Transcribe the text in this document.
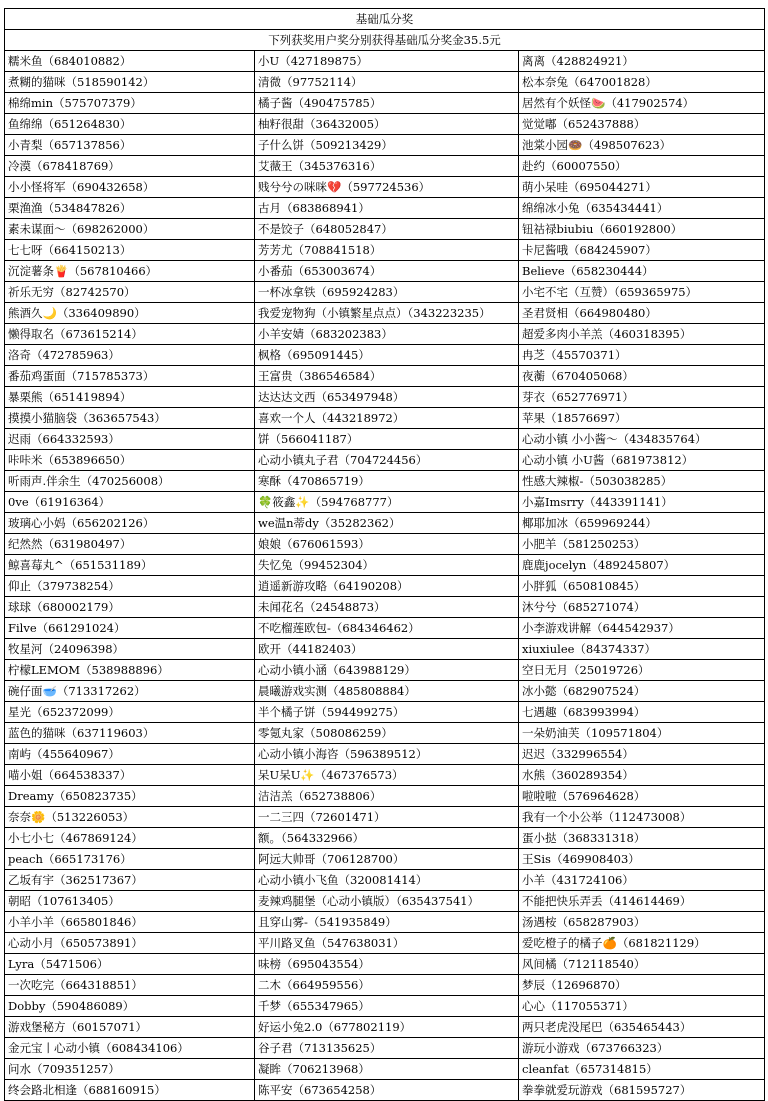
基础瓜分奖		
下列获奖用户奖分别获得基础瓜分奖金35.5元		
糯米鱼（684010882）	小U（427189875）	离离（428824921）
煮糊的猫咪（518590142）	清微（97752114）	松本奈兔（647001828）
棉绵min（575707379）	橘子酱（490475785）	居然有个妖怪🍉（417902574）
鱼绵绵（651264830）	柚籽很甜（36432005）	觉觉嘟（652437888）
小青梨（657137856）	子什么饼（509213429）	池棠小园🍩（498507623）
冷漠（678418769）	艾薇王（345376316）	赴约（60007550）
小小怪将军（690432658）	贱兮兮の咪咪💔（597724536）	萌小呆哇（695044271）
栗渔渔（534847826）	古月（683868941）	绵绵冰小兔（635434441）
素未谋面～（698262000）	不是饺子（648052847）	钮祜禄biubiu（660192800）
七七呀（664150213）	芳芳尤（708841518）	卡尼酱哦（684245907）
沉淀薯条🍟（567810466）	小番茄（653003674）	Believe（658230444）
祈乐无穷（82742570）	一杯冰拿铁（695924283）	小宅不宅（互赞）（659365975）
熊酒久🌙（336409890）	我爱宠物狗（小镇繁星点点）（343223235）	圣君贤相（664980480）
懒得取名（673615214）	小羊安婧（683202383）	超爱多肉小羊羔（460318395）
洛奇（472785963）	枫格（695091445）	冉芝（45570371）
番茄鸡蛋面（715785373）	王富贵（386546584）	夜蘅（670405068）
暴栗熊（651419894）	达达达文西（653497948）	芽衣（652776971）
摸摸小猫脑袋（363657543）	喜欢一个人（443218972）	苹果（18576697）
迟雨（664332593）	饼（566041187）	心动小镇 小小酱～（434835764）
咔咔米（653896650）	心动小镇丸子君（704724456）	心动小镇 小U酱（681973812）
听雨声.伴余生（470256008）	寒酥（470865719）	性感大辣椒-（503038285）
0ve（61916364）	🍀筱鑫✨（594768777）	小嘉Imsrry（443391141）
玻璃心小妈（656202126）	we温n蒂dy（35282362）	椰耶加冰（659969244）
纪然然（631980497）	娘娘（676061593）	小肥羊（581250253）
鲸喜莓丸^（651531189）	失忆兔（99452304）	鹿鹿jocelyn（489245807）
仰止（379738254）	逍遥新游攻略（64190208）	小胖狐（650810845）
球球（680002179）	未闻花名（24548873）	沐兮兮（685271074）
Filve（661291024）	不吃榴莲欧包-（684346462）	小李游戏讲解（644542937）
牧星河（24096398）	欧开（44182403）	xiuxiulee（84374337）
柠檬LEMOM（538988896）	心动小镇小涵（643988129）	空日无月（25019726）
碗仔面🥣（713317262）	晨曦游戏实测（485808884）	冰小懿（682907524）
星光（652372099）	半个橘子饼（594499275）	七遇趣（683993994）
蓝色的猫咪（637119603）	零氪丸家（508086259）	一朵奶油芙（109571804）
南屿（455640967）	心动小镇小海咨（596389512）	迟迟（332996554）
喵小姐（664538337）	呆U呆U✨（467376573）	水熊（360289354）
Dreamy（650823735）	洁洁羔（652738806）	啦啦啦（576964628）
奈奈🌼（513226053）	一二三四（72601471）	我有一个小公举（112473008）
小七小七（467869124）	额。（564332966）	蛋小挞（368331318）
peach（665173176）	阿远大帅哥（706128700）	王Sis（469908403）
乙坂有宇（362517367）	心动小镇小飞鱼（320081414）	小羊（431724106）
朝昭（107613405）	麦辣鸡腿堡（心动小镇版）（635437541）	不能把快乐弄丢（414614469）
小羊小羊（665801846）	且穿山雾-（541935849）	汤遇桉（658287903）
心动小月（650573891）	平川路叉鱼（547638031）	爱吃橙子的橘子🍊（681821129）
Lyra（5471506）	味榜（695043554）	风间橘（712118540）
一次吃完（664318851）	二木（664959556）	梦辰（12696870）
Dobby（590486089）	千梦（655347965）	心心（117055371）
游戏堡秘方（60157071）	好运小兔2.0（677802119）	两只老虎没尾巴（635465443）
金元宝丨心动小镇（608434106）	谷子君（713135625）	游玩小游戏（673766323）
问水（709351257）	凝眸（706213968）	cleanfat（657314815）
终会路北相逢（688160915）	陈平安（673654258）	拳拳就爱玩游戏（681595727）
